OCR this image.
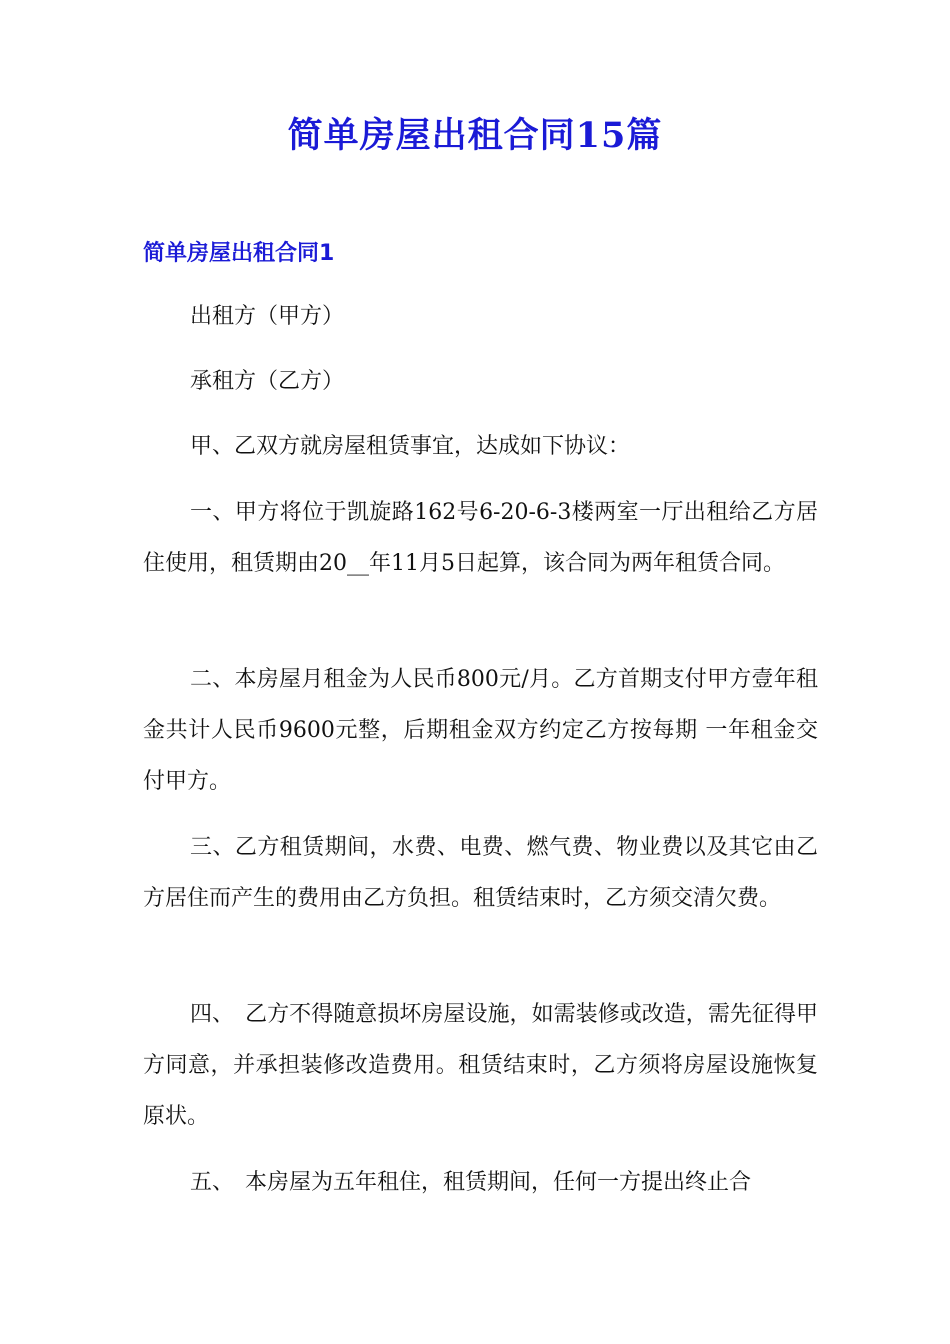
简单房屋出租合同15篇
简单房屋出租合同1

出租方（甲方）

承租方（乙方）

甲、乙双方就房屋租赁事宜，达成如下协议：

一、甲方将位于凯旋路162号6-20-6-3楼两室一厅出租给乙方居住使用，租赁期由20__年11月5日起算，该合同为两年租赁合同。

二、本房屋月租金为人民币800元/月。乙方首期支付甲方壹年租金共计人民币9600元整，后期租金双方约定乙方按每期 一年租金交付甲方。

三、乙方租赁期间，水费、电费、燃气费、物业费以及其它由乙方居住而产生的费用由乙方负担。租赁结束时，乙方须交清欠费。

四、　乙方不得随意损坏房屋设施，如需装修或改造，需先征得甲方同意，并承担装修改造费用。租赁结束时，乙方须将房屋设施恢复原状。

五、　本房屋为五年租住，租赁期间，任何一方提出终止合
